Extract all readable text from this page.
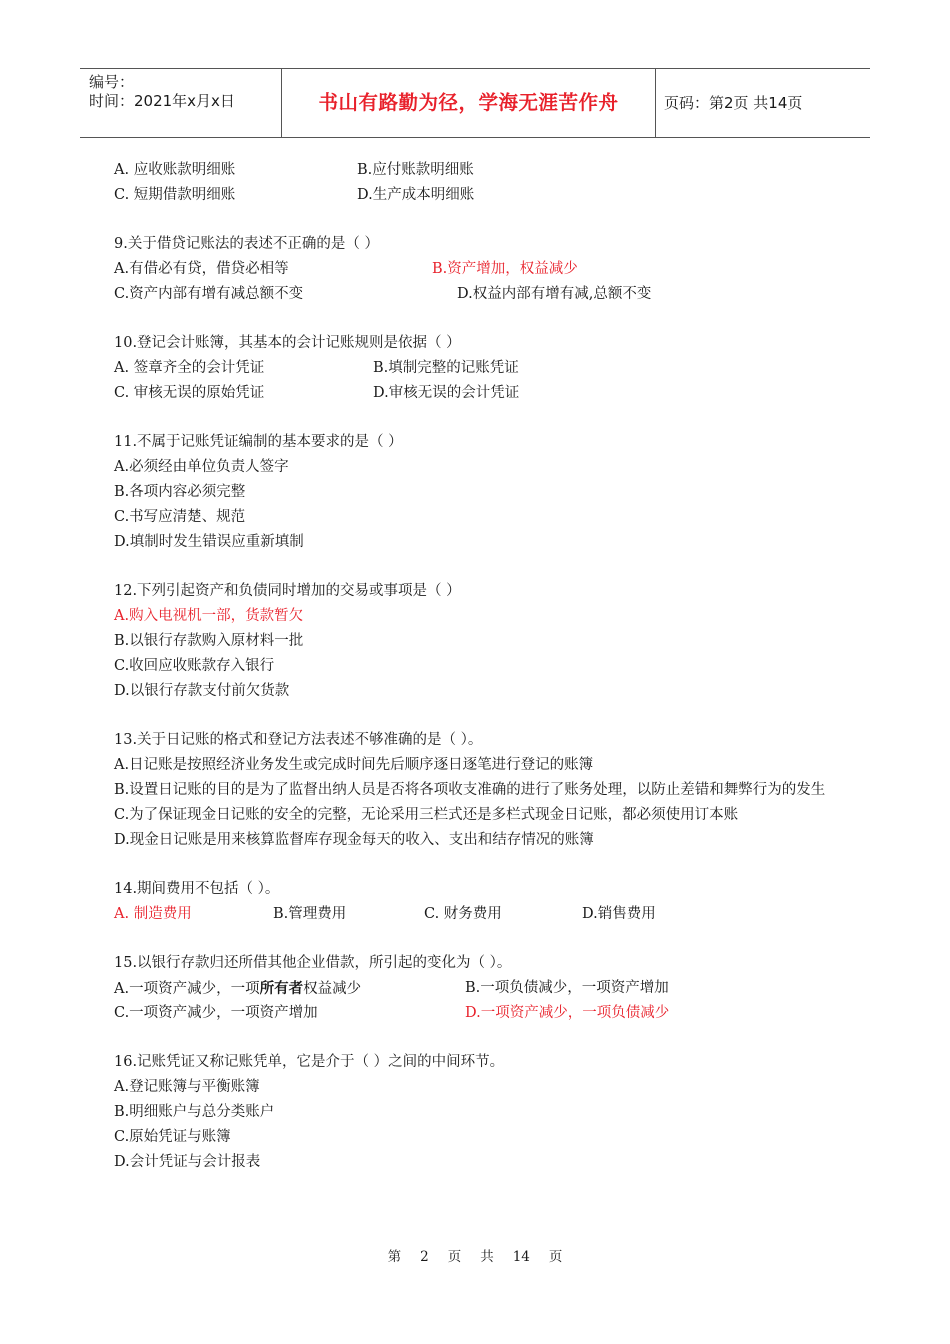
编号：
时间：2021年x月x日	书山有路勤为径，学海无涯苦作舟	页码：第2页 共14页
A. 应收账款明细账	B.应付账款明细账
C. 短期借款明细账	D.生产成本明细账
9.关于借贷记账法的表述不正确的是（ ）
A.有借必有贷，借贷必相等	B.资产增加，权益减少
C.资产内部有增有减总额不变	D.权益内部有增有减,总额不变
10.登记会计账簿，其基本的会计记账规则是依据（ ）
A. 签章齐全的会计凭证	B.填制完整的记账凭证
C. 审核无误的原始凭证	D.审核无误的会计凭证
11.不属于记账凭证编制的基本要求的是（ ）
A.必须经由单位负责人签字
B.各项内容必须完整
C.书写应清楚、规范
D.填制时发生错误应重新填制
12.下列引起资产和负债同时增加的交易或事项是（ ）
A.购入电视机一部，货款暂欠
B.以银行存款购入原材料一批
C.收回应收账款存入银行
D.以银行存款支付前欠货款
13.关于日记账的格式和登记方法表述不够准确的是（ ）。
A.日记账是按照经济业务发生或完成时间先后顺序逐日逐笔进行登记的账簿
B.设置日记账的目的是为了监督出纳人员是否将各项收支准确的进行了账务处理，以防止差错和舞弊行为的发生
C.为了保证现金日记账的安全的完整，无论采用三栏式还是多栏式现金日记账，都必须使用订本账
D.现金日记账是用来核算监督库存现金每天的收入、支出和结存情况的账簿
14.期间费用不包括（ ）。
A. 制造费用	B.管理费用	C. 财务费用	D.销售费用
15.以银行存款归还所借其他企业借款，所引起的变化为（ ）。
A.一项资产减少，一项所有者权益减少	B.一项负债减少，一项资产增加
C.一项资产减少，一项资产增加	D.一项资产减少，一项负债减少
16.记账凭证又称记账凭单，它是介于（ ）之间的中间环节。
A.登记账簿与平衡账簿
B.明细账户与总分类账户
C.原始凭证与账簿
D.会计凭证与会计报表
第 2 页 共 14 页
